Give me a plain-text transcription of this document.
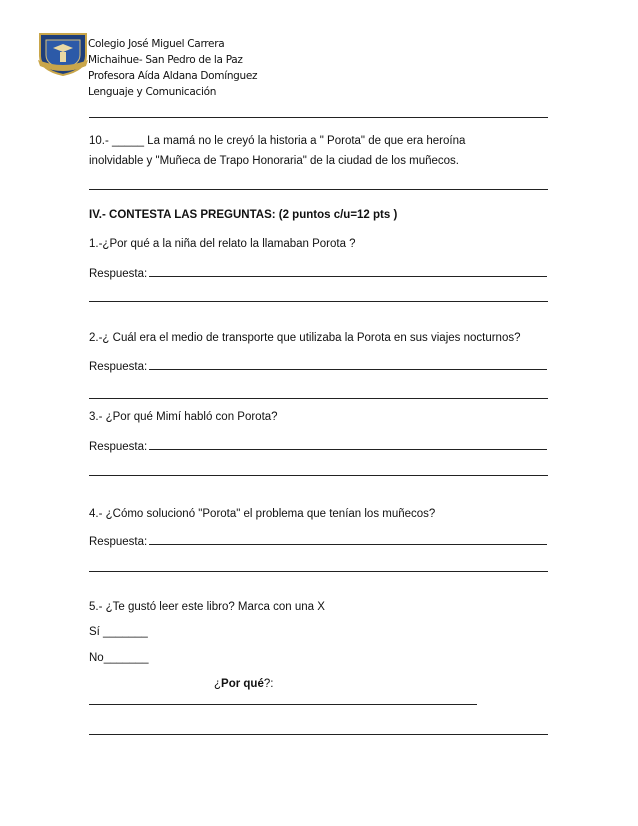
Colegio José Miguel Carrera
Michaihue- San Pedro de la Paz
Profesora Aída Aldana Domínguez
Lenguaje y Comunicación
10.- _____ La mamá no le creyó la historia a " Porota" de que era heroína
inolvidable y "Muñeca de Trapo Honoraria" de la ciudad de los muñecos.
IV.- CONTESTA LAS PREGUNTAS: (2 puntos c/u=12 pts )
1.-¿Por qué a la niña del relato la llamaban Porota ?
Respuesta:
2.-¿ Cuál era el medio de transporte que utilizaba la Porota en sus viajes nocturnos?
Respuesta:
3.- ¿Por qué Mimí habló con Porota?
Respuesta:
4.- ¿Cómo solucionó "Porota" el problema que tenían los muñecos?
Respuesta:
5.- ¿Te gustó leer este libro? Marca con una X
Sí _______
No_______
¿Por qué?:
